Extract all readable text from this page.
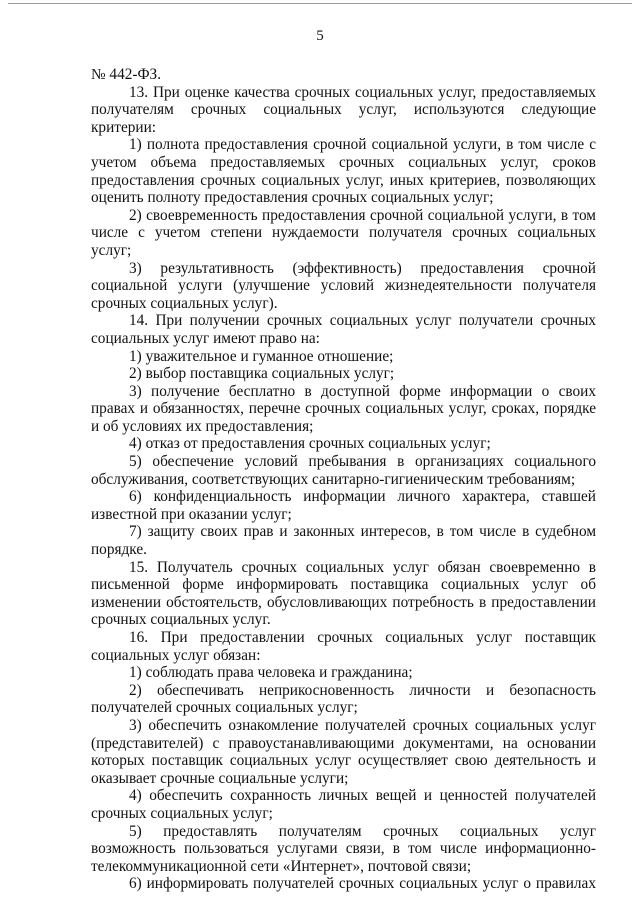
5

№ 442-ФЗ.

13. При оценке качества срочных социальных услуг, предоставляемых получателям срочных социальных услуг, используются следующие критерии:

1) полнота предоставления срочной социальной услуги, в том числе с учетом объема предоставляемых срочных социальных услуг, сроков предоставления срочных социальных услуг, иных критериев, позволяющих оценить полноту предоставления срочных социальных услуг;

2) своевременность предоставления срочной социальной услуги, в том числе с учетом степени нуждаемости получателя срочных социальных услуг;

3) результативность (эффективность) предоставления срочной социальной услуги (улучшение условий жизнедеятельности получателя срочных социальных услуг).

14. При получении срочных социальных услуг получатели срочных социальных услуг имеют право на:

1) уважительное и гуманное отношение;

2) выбор поставщика социальных услуг;

3) получение бесплатно в доступной форме информации о своих правах и обязанностях, перечне срочных социальных услуг, сроках, порядке и об условиях их предоставления;

4) отказ от предоставления срочных социальных услуг;

5) обеспечение условий пребывания в организациях социального обслуживания, соответствующих санитарно-гигиеническим требованиям;

6) конфиденциальность информации личного характера, ставшей известной при оказании услуг;

7) защиту своих прав и законных интересов, в том числе в судебном порядке.

15. Получатель срочных социальных услуг обязан своевременно в письменной форме информировать поставщика социальных услуг об изменении обстоятельств, обусловливающих потребность в предоставлении срочных социальных услуг.

16. При предоставлении срочных социальных услуг поставщик социальных услуг обязан:

1) соблюдать права человека и гражданина;

2) обеспечивать неприкосновенность личности и безопасность получателей срочных социальных услуг;

3) обеспечить ознакомление получателей срочных социальных услуг (представителей) с правоустанавливающими документами, на основании которых поставщик социальных услуг осуществляет свою деятельность и оказывает срочные социальные услуги;

4) обеспечить сохранность личных вещей и ценностей получателей срочных социальных услуг;

5) предоставлять получателям срочных социальных услуг возможность пользоваться услугами связи, в том числе информационно-телекоммуникационной сети «Интернет», почтовой связи;

6) информировать получателей срочных социальных услуг о правилах
